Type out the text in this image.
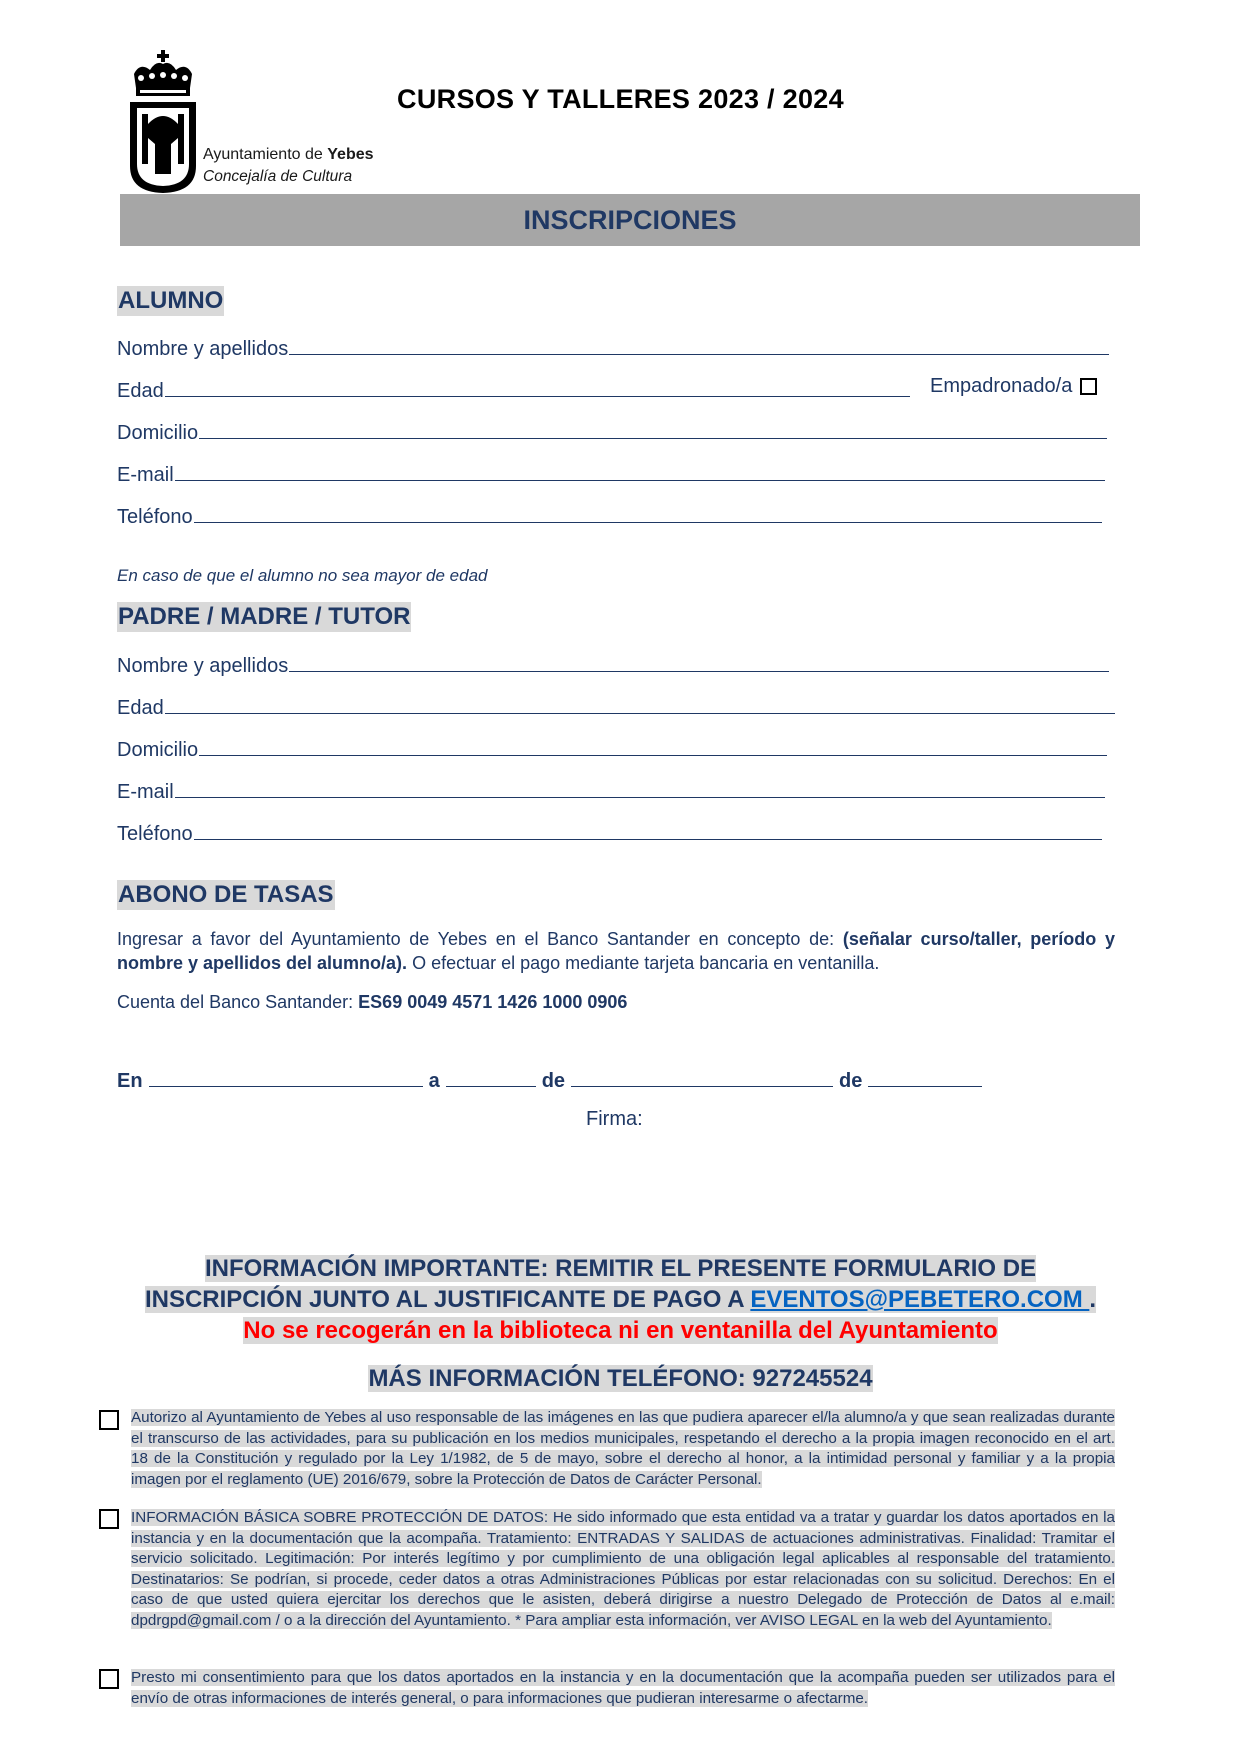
Ayuntamiento de Yebes
Concejalía de Cultura
CURSOS Y TALLERES 2023 / 2024
INSCRIPCIONES
ALUMNO
Nombre y apellidos
Edad	Empadronado/a
Domicilio
E-mail
Teléfono
En caso de que el alumno no sea mayor de edad
PADRE / MADRE / TUTOR
Nombre y apellidos
Edad
Domicilio
E-mail
Teléfono
ABONO DE TASAS
Ingresar a favor del Ayuntamiento de Yebes en el Banco Santander en concepto de: (señalar curso/taller, período y nombre y apellidos del alumno/a). O efectuar el pago mediante tarjeta bancaria en ventanilla.
Cuenta del Banco Santander: ES69 0049 4571 1426 1000 0906
En	a	de	de
Firma:
INFORMACIÓN IMPORTANTE: REMITIR EL PRESENTE FORMULARIO DE
INSCRIPCIÓN JUNTO AL JUSTIFICANTE DE PAGO A EVENTOS@PEBETERO.COM .
No se recogerán en la biblioteca ni en ventanilla del Ayuntamiento
MÁS INFORMACIÓN TELÉFONO: 927245524
Autorizo al Ayuntamiento de Yebes al uso responsable de las imágenes en las que pudiera aparecer el/la alumno/a y que sean realizadas durante el transcurso de las actividades, para su publicación en los medios municipales, respetando el derecho a la propia imagen reconocido en el art. 18 de la Constitución y regulado por la Ley 1/1982, de 5 de mayo, sobre el derecho al honor, a la intimidad personal y familiar y a la propia imagen por el reglamento (UE) 2016/679, sobre la Protección de Datos de Carácter Personal.
INFORMACIÓN BÁSICA SOBRE PROTECCIÓN DE DATOS: He sido informado que esta entidad va a tratar y guardar los datos aportados en la instancia y en la documentación que la acompaña. Tratamiento: ENTRADAS Y SALIDAS de actuaciones administrativas. Finalidad: Tramitar el servicio solicitado. Legitimación: Por interés legítimo y por cumplimiento de una obligación legal aplicables al responsable del tratamiento. Destinatarios: Se podrían, si procede, ceder datos a otras Administraciones Públicas por estar relacionadas con su solicitud. Derechos: En el caso de que usted quiera ejercitar los derechos que le asisten, deberá dirigirse a nuestro Delegado de Protección de Datos al e.mail: dpdrgpd@gmail.com / o a la dirección del Ayuntamiento. * Para ampliar esta información, ver AVISO LEGAL en la web del Ayuntamiento.
Presto mi consentimiento para que los datos aportados en la instancia y en la documentación que la acompaña pueden ser utilizados para el envío de otras informaciones de interés general, o para informaciones que pudieran interesarme o afectarme.
